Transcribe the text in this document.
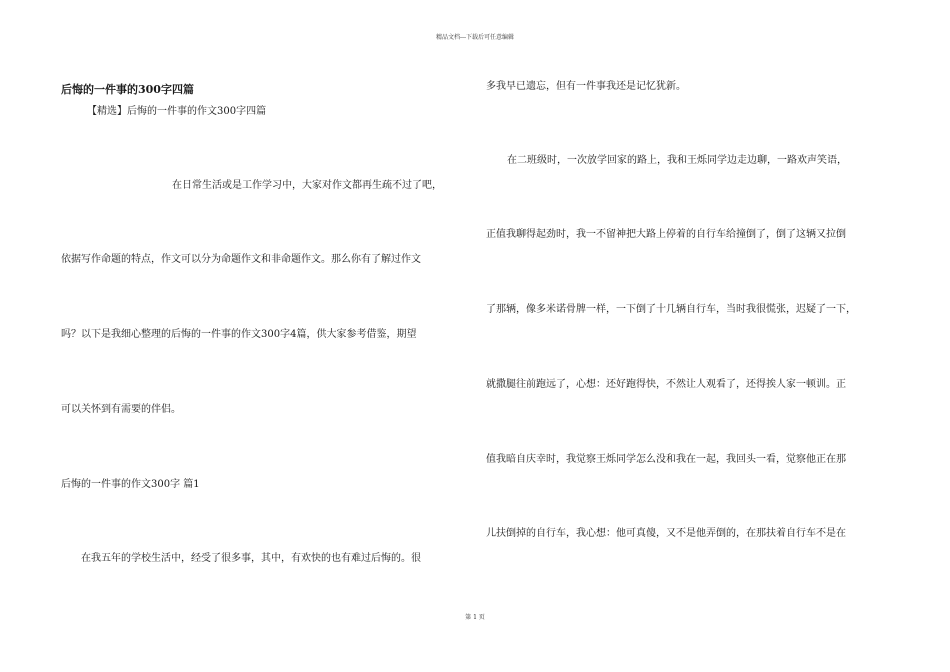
精品文档---下载后可任意编辑
后悔的一件事的300字四篇
【精选】后悔的一件事的作文300字四篇
在日常生活或是工作学习中，大家对作文都再生疏不过了吧，
依据写作命题的特点，作文可以分为命题作文和非命题作文。那么你有了解过作文
吗？以下是我细心整理的后悔的一件事的作文300字4篇，供大家参考借鉴，期望
可以关怀到有需要的伴侣。
后悔的一件事的作文300字 篇1
在我五年的学校生活中，经受了很多事，其中，有欢快的也有难过后悔的。很
多我早已遗忘，但有一件事我还是记忆犹新。
在二班级时，一次放学回家的路上，我和王烁同学边走边聊，一路欢声笑语，
正值我聊得起劲时，我一不留神把大路上停着的自行车给撞倒了，倒了这辆又拉倒
了那辆，像多米诺骨牌一样，一下倒了十几辆自行车，当时我很慌张，迟疑了一下，
就撒腿往前跑远了，心想：还好跑得快，不然让人观看了，还得挨人家一顿训。正
值我暗自庆幸时，我觉察王烁同学怎么没和我在一起，我回头一看，觉察他正在那
儿扶倒掉的自行车，我心想：他可真傻，又不是他弄倒的，在那扶着自行车不是在
第 1 页
